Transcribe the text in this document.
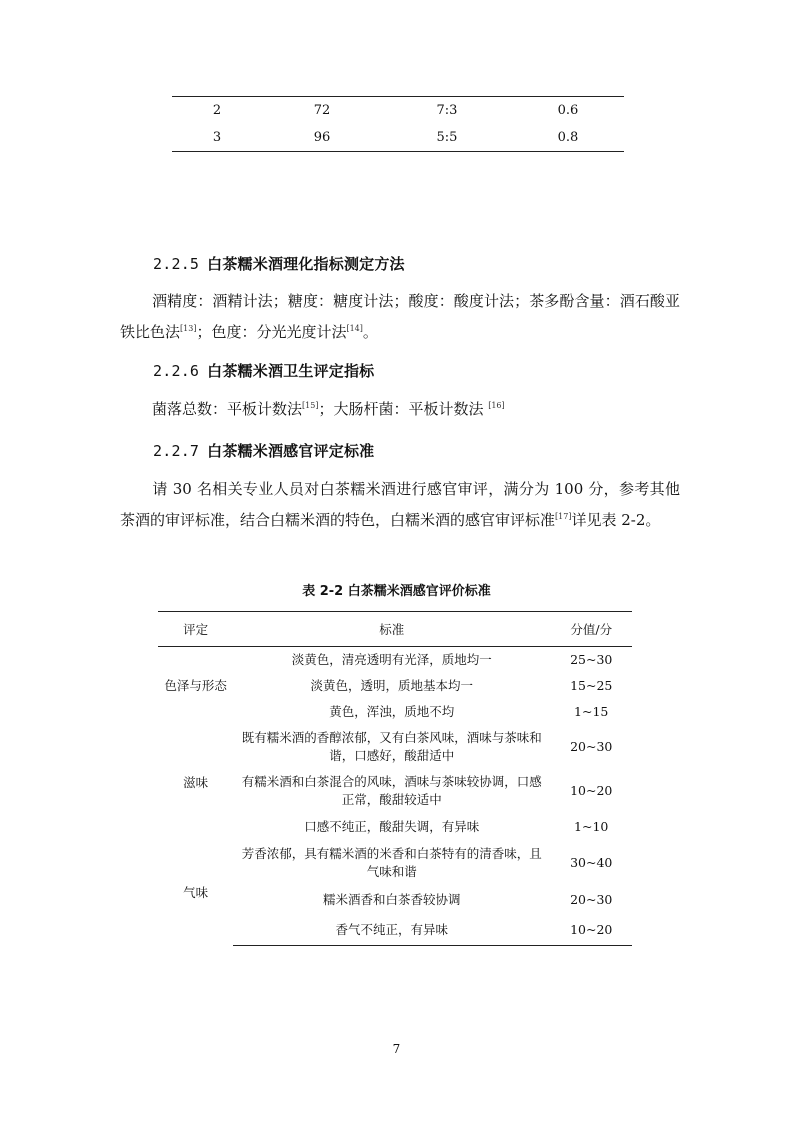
2	72	7:3	0.6
3	96	5:5	0.8
2.2.5 白茶糯米酒理化指标测定方法
酒精度：酒精计法；糖度：糖度计法；酸度：酸度计法；茶多酚含量：酒石酸亚铁比色法[13]；色度：分光光度计法[14]。
2.2.6 白茶糯米酒卫生评定指标
菌落总数：平板计数法[15]；大肠杆菌：平板计数法 [16]
2.2.7 白茶糯米酒感官评定标准
请 30 名相关专业人员对白茶糯米酒进行感官审评，满分为 100 分，参考其他茶酒的审评标准，结合白糯米酒的特色，白糯米酒的感官审评标准[17]详见表 2-2。
表 2-2 白茶糯米酒感官评价标准
评定	标准	分值/分
色泽与形态	淡黄色，清亮透明有光泽，质地均一	25~30
	淡黄色，透明，质地基本均一	15~25
	黄色，浑浊，质地不均	1~15
滋味	既有糯米酒的香醇浓郁，又有白茶风味，酒味与茶味和谐，口感好，酸甜适中	20~30
	有糯米酒和白茶混合的风味，酒味与茶味较协调，口感正常，酸甜较适中	10~20
	口感不纯正，酸甜失调，有异味	1~10
气味	芳香浓郁，具有糯米酒的米香和白茶特有的清香味，且气味和谐	30~40
	糯米酒香和白茶香较协调	20~30
	香气不纯正，有异味	10~20
7
